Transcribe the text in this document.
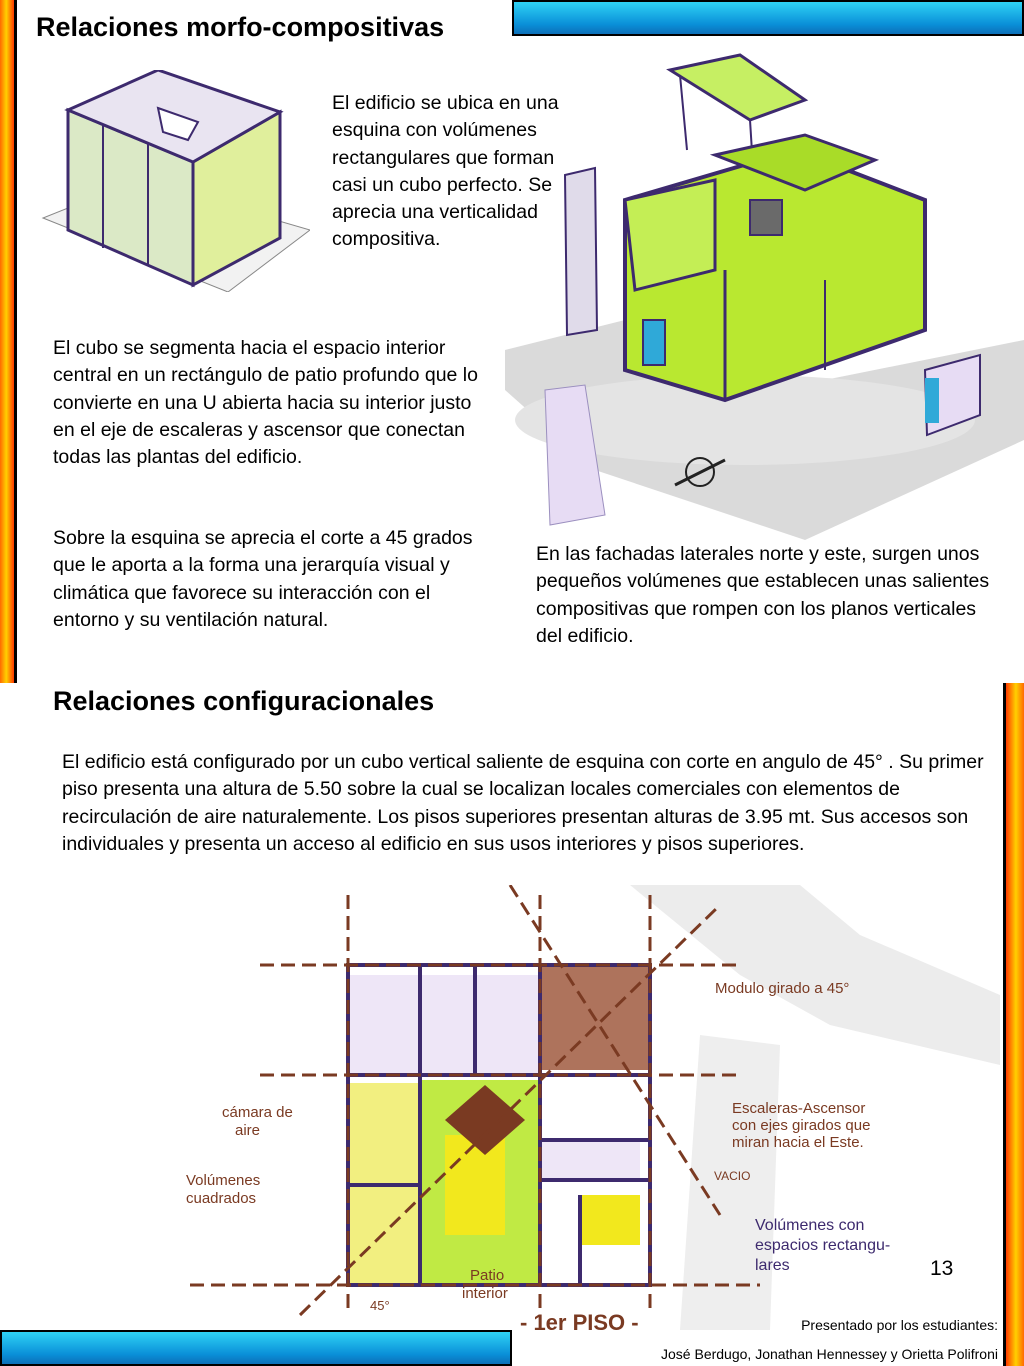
Relaciones morfo-compositivas
El edificio se ubica en una esquina con volúmenes rectangulares que forman casi un cubo perfecto. Se aprecia una verticalidad compositiva.
El cubo se segmenta hacia el espacio interior central en un rectángulo de patio profundo que lo convierte en una U abierta hacia su interior justo en el eje de escaleras y ascensor que conectan todas las plantas del edificio.
Sobre la esquina se aprecia el corte a 45 grados que le aporta a la forma una jerarquía visual y climática que favorece su interacción con el entorno y su ventilación natural.
En las fachadas laterales norte y este, surgen unos pequeños volúmenes que establecen unas salientes compositivas que rompen con los planos verticales del edificio.
Relaciones configuracionales
El edificio está configurado por un cubo vertical saliente de esquina con corte en angulo de 45° . Su primer piso presenta una altura de 5.50 sobre la cual se localizan locales comerciales con elementos de recirculación de aire naturalemente. Los pisos superiores presentan alturas de 3.95 mt. Sus accesos son individuales y presenta un acceso al edificio en sus usos interiores y pisos superiores.
Modulo girado a 45°
cámara de
aire
Volúmenes
cuadrados
Escaleras-Ascensor
con ejes girados que
miran hacia el Este.
VACIO
Patio
interior
45°
Volúmenes con
espacios rectangu-
lares
- 1er PISO -
13
Presentado por los estudiantes:
José Berdugo, Jonathan Hennessey y Orietta Polifroni
